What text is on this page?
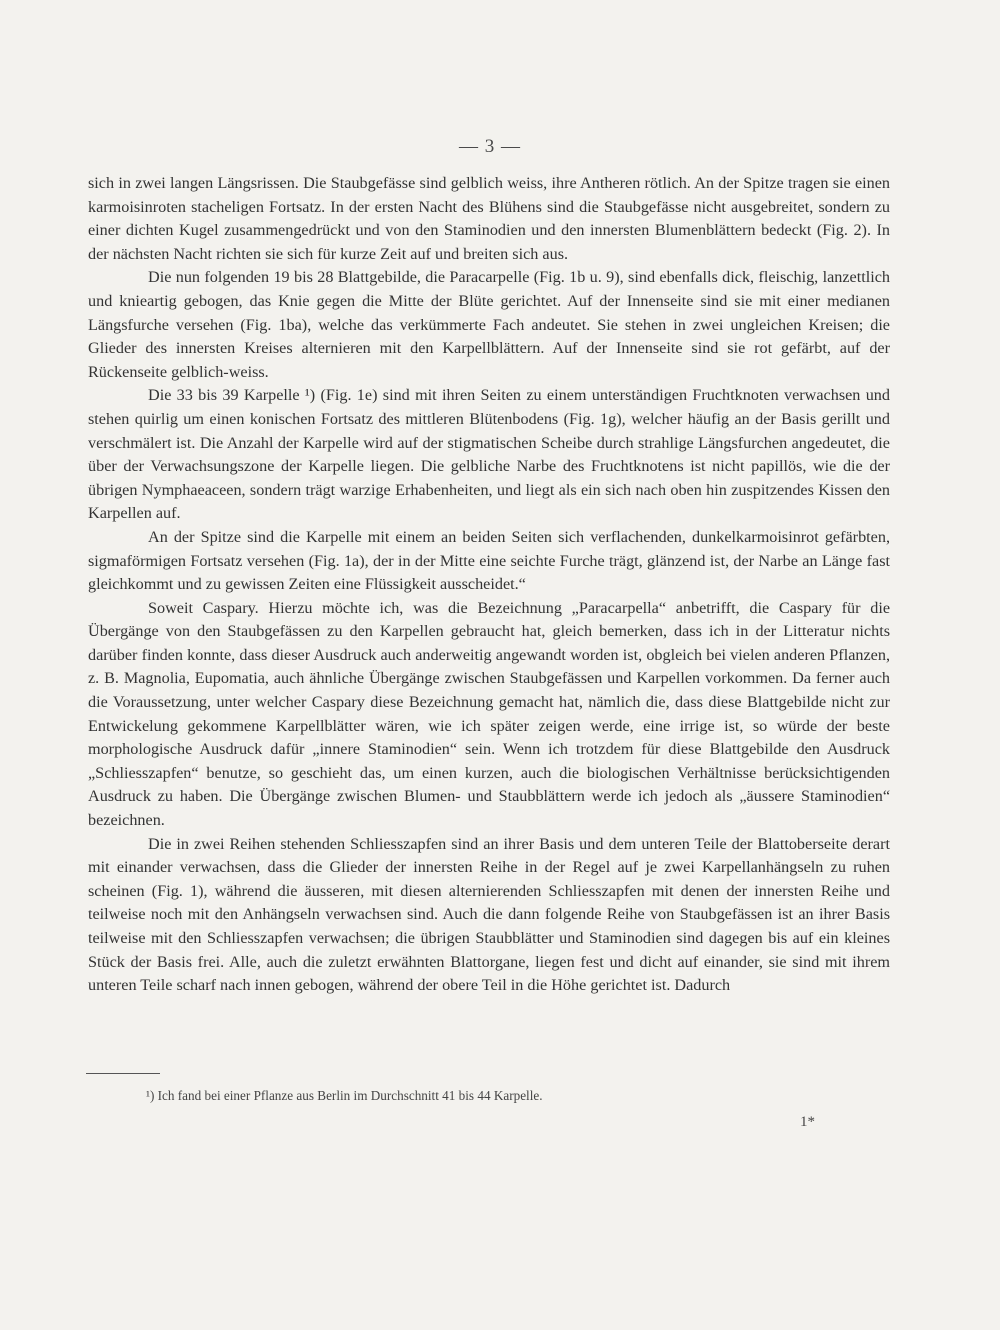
— 3 —

sich in zwei langen Längsrissen. Die Staubgefässe sind gelblich weiss, ihre Antheren rötlich. An der Spitze tragen sie einen karmoisinroten stacheligen Fortsatz. In der ersten Nacht des Blühens sind die Staubgefässe nicht ausgebreitet, sondern zu einer dichten Kugel zusammengedrückt und von den Staminodien und den innersten Blumenblättern bedeckt (Fig. 2). In der nächsten Nacht richten sie sich für kurze Zeit auf und breiten sich aus.

Die nun folgenden 19 bis 28 Blattgebilde, die Paracarpelle (Fig. 1b u. 9), sind ebenfalls dick, fleischig, lanzettlich und knieartig gebogen, das Knie gegen die Mitte der Blüte gerichtet. Auf der Innenseite sind sie mit einer medianen Längsfurche versehen (Fig. 1ba), welche das verkümmerte Fach andeutet. Sie stehen in zwei ungleichen Kreisen; die Glieder des innersten Kreises alternieren mit den Karpellblättern. Auf der Innenseite sind sie rot gefärbt, auf der Rückenseite gelblich-weiss.

Die 33 bis 39 Karpelle ¹) (Fig. 1e) sind mit ihren Seiten zu einem unterständigen Fruchtknoten verwachsen und stehen quirlig um einen konischen Fortsatz des mittleren Blütenbodens (Fig. 1g), welcher häufig an der Basis gerillt und verschmälert ist. Die Anzahl der Karpelle wird auf der stigmatischen Scheibe durch strahlige Längsfurchen angedeutet, die über der Verwachsungszone der Karpelle liegen. Die gelbliche Narbe des Fruchtknotens ist nicht papillös, wie die der übrigen Nymphaeaceen, sondern trägt warzige Erhabenheiten, und liegt als ein sich nach oben hin zuspitzendes Kissen den Karpellen auf.

An der Spitze sind die Karpelle mit einem an beiden Seiten sich verflachenden, dunkelkarmoisinrot gefärbten, sigmaförmigen Fortsatz versehen (Fig. 1a), der in der Mitte eine seichte Furche trägt, glänzend ist, der Narbe an Länge fast gleichkommt und zu gewissen Zeiten eine Flüssigkeit ausscheidet.“

Soweit Caspary. Hierzu möchte ich, was die Bezeichnung „Paracarpella“ anbetrifft, die Caspary für die Übergänge von den Staubgefässen zu den Karpellen gebraucht hat, gleich bemerken, dass ich in der Litteratur nichts darüber finden konnte, dass dieser Ausdruck auch anderweitig angewandt worden ist, obgleich bei vielen anderen Pflanzen, z. B. Magnolia, Eupomatia, auch ähnliche Übergänge zwischen Staubgefässen und Karpellen vorkommen. Da ferner auch die Voraussetzung, unter welcher Caspary diese Bezeichnung gemacht hat, nämlich die, dass diese Blattgebilde nicht zur Entwickelung gekommene Karpellblätter wären, wie ich später zeigen werde, eine irrige ist, so würde der beste morphologische Ausdruck dafür „innere Staminodien“ sein. Wenn ich trotzdem für diese Blattgebilde den Ausdruck „Schliesszapfen“ benutze, so geschieht das, um einen kurzen, auch die biologischen Verhältnisse berücksichtigenden Ausdruck zu haben. Die Übergänge zwischen Blumen- und Staubblättern werde ich jedoch als „äussere Staminodien“ bezeichnen.

Die in zwei Reihen stehenden Schliesszapfen sind an ihrer Basis und dem unteren Teile der Blattoberseite derart mit einander verwachsen, dass die Glieder der innersten Reihe in der Regel auf je zwei Karpellanhängseln zu ruhen scheinen (Fig. 1), während die äusseren, mit diesen alternierenden Schliesszapfen mit denen der innersten Reihe und teilweise noch mit den Anhängseln verwachsen sind. Auch die dann folgende Reihe von Staubgefässen ist an ihrer Basis teilweise mit den Schliesszapfen verwachsen; die übrigen Staubblätter und Staminodien sind dagegen bis auf ein kleines Stück der Basis frei. Alle, auch die zuletzt erwähnten Blattorgane, liegen fest und dicht auf einander, sie sind mit ihrem unteren Teile scharf nach innen gebogen, während der obere Teil in die Höhe gerichtet ist. Dadurch

¹) Ich fand bei einer Pflanze aus Berlin im Durchschnitt 41 bis 44 Karpelle.
1*
